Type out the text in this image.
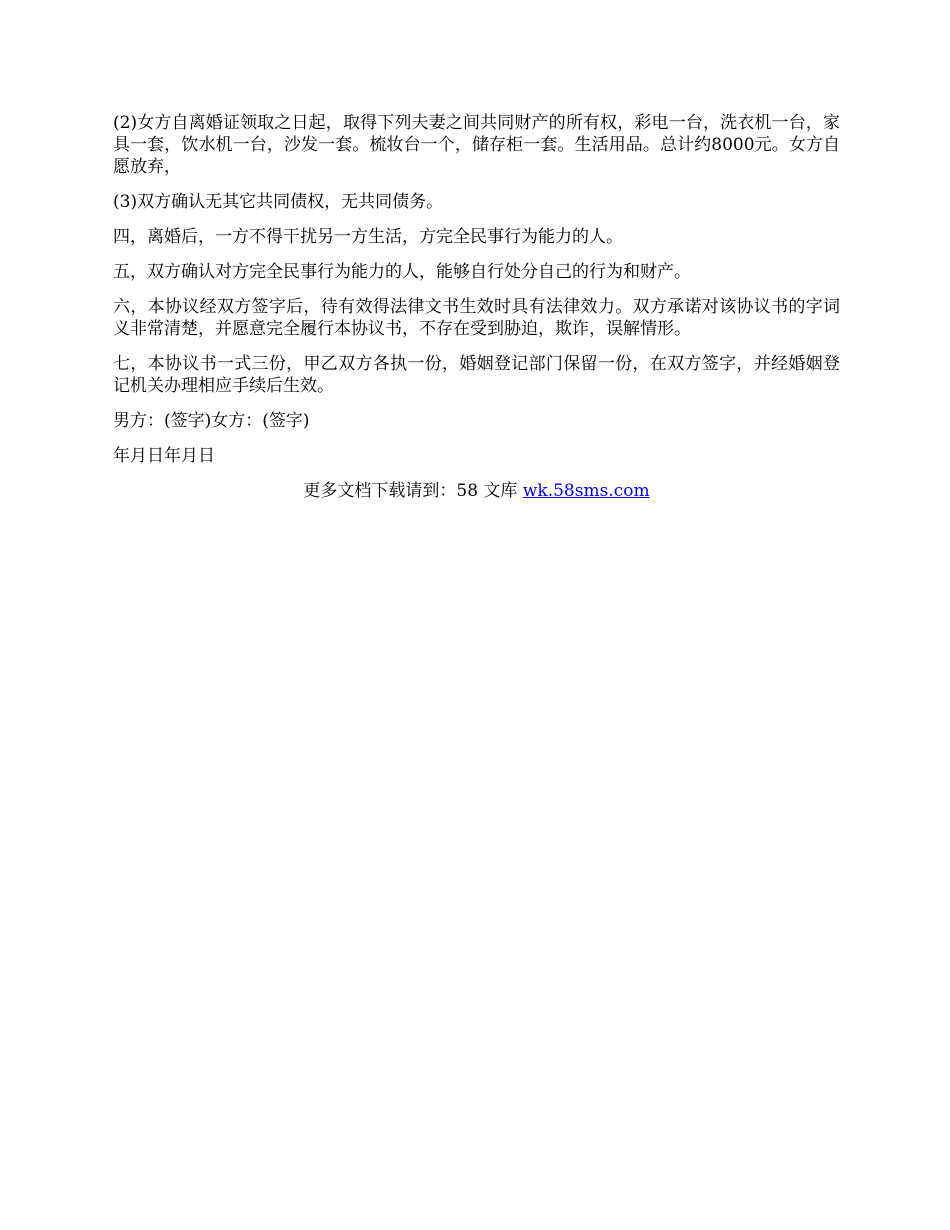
(2)女方自离婚证领取之日起，取得下列夫妻之间共同财产的所有权，彩电一台，洗衣机一台，家具一套，饮水机一台，沙发一套。梳妆台一个，储存柜一套。生活用品。总计约8000元。女方自愿放弃，

(3)双方确认无其它共同债权，无共同债务。

四，离婚后，一方不得干扰另一方生活，方完全民事行为能力的人。

五，双方确认对方完全民事行为能力的人，能够自行处分自己的行为和财产。

六，本协议经双方签字后，待有效得法律文书生效时具有法律效力。双方承诺对该协议书的字词义非常清楚，并愿意完全履行本协议书，不存在受到胁迫，欺诈，误解情形。

七，本协议书一式三份，甲乙双方各执一份，婚姻登记部门保留一份，在双方签字，并经婚姻登记机关办理相应手续后生效。

男方：(签字)女方：(签字)

年月日年月日

更多文档下载请到：58 文库 wk.58sms.com
